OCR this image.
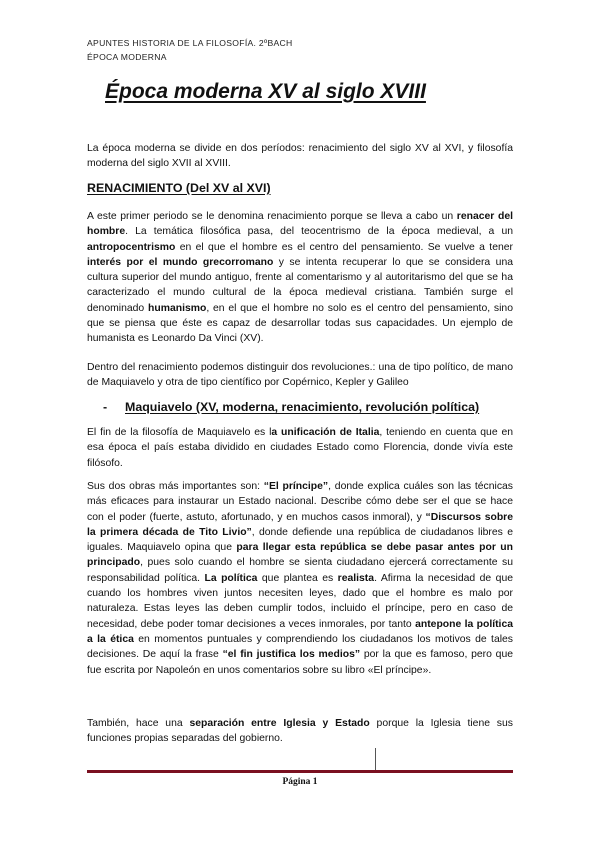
APUNTES HISTORIA DE LA FILOSOFÍA. 2ºBACH
ÉPOCA MODERNA
Época moderna XV al siglo XVIII
La época moderna se divide en dos períodos: renacimiento del siglo XV al XVI, y filosofía moderna del siglo XVII al XVIII.
RENACIMIENTO (Del XV al XVI)
A este primer periodo se le denomina renacimiento porque se lleva a cabo un renacer del hombre. La temática filosófica pasa, del teocentrismo de la época medieval, a un antropocentrismo en el que el hombre es el centro del pensamiento. Se vuelve a tener interés por el mundo grecorromano y se intenta recuperar lo que se considera una cultura superior del mundo antiguo, frente al comentarismo y al autoritarismo del que se ha caracterizado el mundo cultural de la época medieval cristiana. También surge el denominado humanismo, en el que el hombre no solo es el centro del pensamiento, sino que se piensa que éste es capaz de desarrollar todas sus capacidades. Un ejemplo de humanista es Leonardo Da Vinci (XV).
Dentro del renacimiento podemos distinguir dos revoluciones.: una de tipo político, de mano de Maquiavelo y otra de tipo científico por Copérnico, Kepler y Galileo
- Maquiavelo (XV, moderna, renacimiento, revolución política)
El fin de la filosofía de Maquiavelo es la unificación de Italia, teniendo en cuenta que en esa época el país estaba dividido en ciudades Estado como Florencia, donde vivía este filósofo.
Sus dos obras más importantes son: “El príncipe”, donde explica cuáles son las técnicas más eficaces para instaurar un Estado nacional. Describe cómo debe ser el que se hace con el poder (fuerte, astuto, afortunado, y en muchos casos inmoral), y “Discursos sobre la primera década de Tito Livio”, donde defiende una república de ciudadanos libres e iguales. Maquiavelo opina que para llegar esta república se debe pasar antes por un principado, pues solo cuando el hombre se sienta ciudadano ejercerá correctamente su responsabilidad política. La política que plantea es realista. Afirma la necesidad de que cuando los hombres viven juntos necesiten leyes, dado que el hombre es malo por naturaleza. Estas leyes las deben cumplir todos, incluido el príncipe, pero en caso de necesidad, debe poder tomar decisiones a veces inmorales, por tanto antepone la política a la ética en momentos puntuales y comprendiendo los ciudadanos los motivos de tales decisiones. De aquí la frase “el fin justifica los medios” por la que es famoso, pero que fue escrita por Napoleón en unos comentarios sobre su libro «El príncipe».
También, hace una separación entre Iglesia y Estado porque la Iglesia tiene sus funciones propias separadas del gobierno.
Página 1
